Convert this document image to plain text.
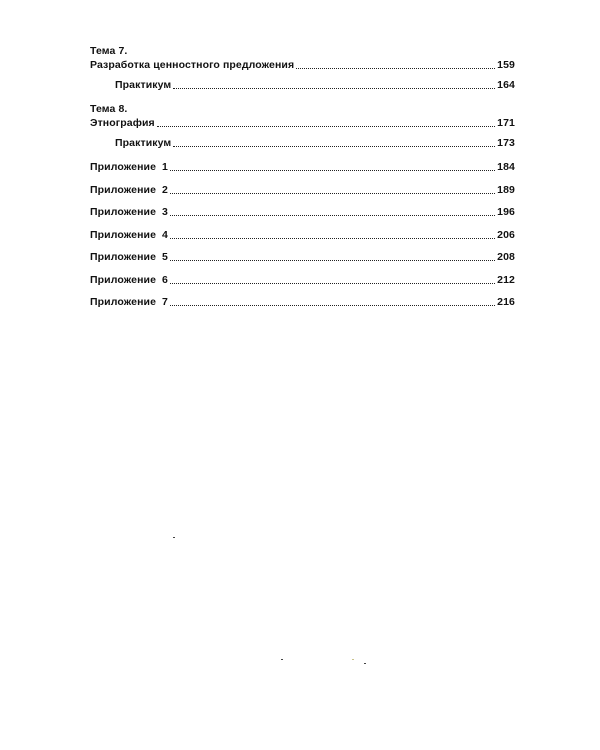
Тема 7.
Разработка ценностного предложения	159
Практикум	164
Тема 8.
Этнография	171
Практикум	173
Приложение  1	184
Приложение  2	189
Приложение  3	196
Приложение  4	206
Приложение  5	208
Приложение  6	212
Приложение  7	216
